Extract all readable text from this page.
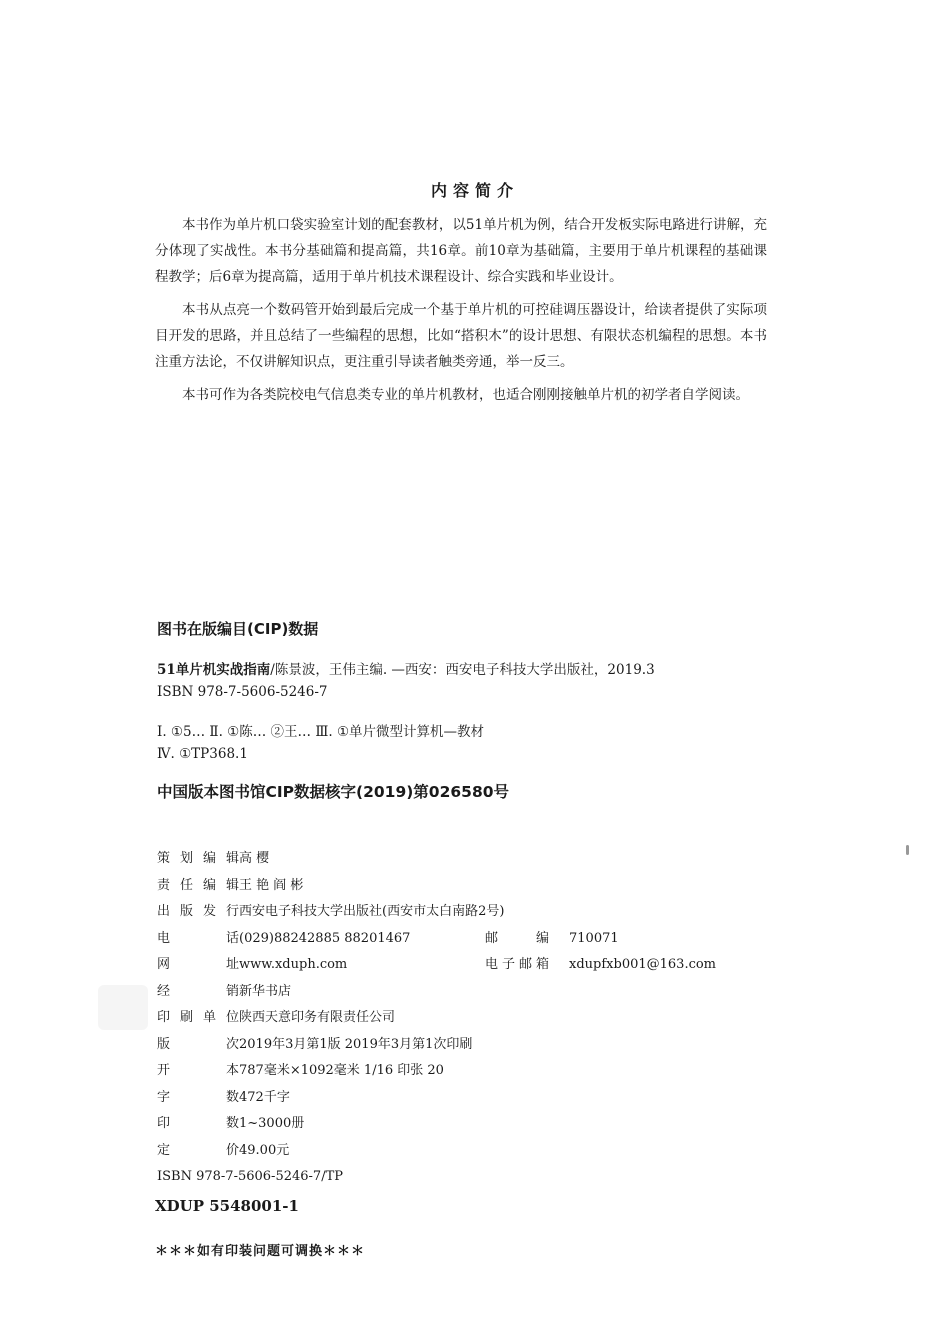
内容简介

本书作为单片机口袋实验室计划的配套教材，以51单片机为例，结合开发板实际电路进行讲解，充分体现了实战性。本书分基础篇和提高篇，共16章。前10章为基础篇，主要用于单片机课程的基础课程教学；后6章为提高篇，适用于单片机技术课程设计、综合实践和毕业设计。

本书从点亮一个数码管开始到最后完成一个基于单片机的可控硅调压器设计，给读者提供了实际项目开发的思路，并且总结了一些编程的思想，比如“搭积木”的设计思想、有限状态机编程的思想。本书注重方法论，不仅讲解知识点，更注重引导读者触类旁通，举一反三。

本书可作为各类院校电气信息类专业的单片机教材，也适合刚刚接触单片机的初学者自学阅读。

图书在版编目(CIP)数据
51单片机实战指南/陈景波，王伟主编. —西安：西安电子科技大学出版社，2019.3
ISBN 978-7-5606-5246-7
Ⅰ. ①5… Ⅱ. ①陈… ②王… Ⅲ. ①单片微型计算机—教材
Ⅳ. ①TP368.1
中国版本图书馆CIP数据核字(2019)第026580号
策 划 编 辑 高 樱
责 任 编 辑 王 艳 阎 彬
出 版 发 行 西安电子科技大学出版社(西安市太白南路2号)
电	话 (029)88242885 88201467	邮	编 710071
网	址 www.xduph.com	电 子 邮 箱 xdupfxb001@163.com
经	销 新华书店
印 刷 单 位 陕西天意印务有限责任公司
版	次 2019年3月第1版 2019年3月第1次印刷
开	本 787毫米×1092毫米 1/16 印张 20
字	数 472千字
印	数 1~3000册
定	价 49.00元
ISBN 978-7-5606-5246-7/TP
XDUP 5548001-1
＊＊＊如有印装问题可调换＊＊＊
